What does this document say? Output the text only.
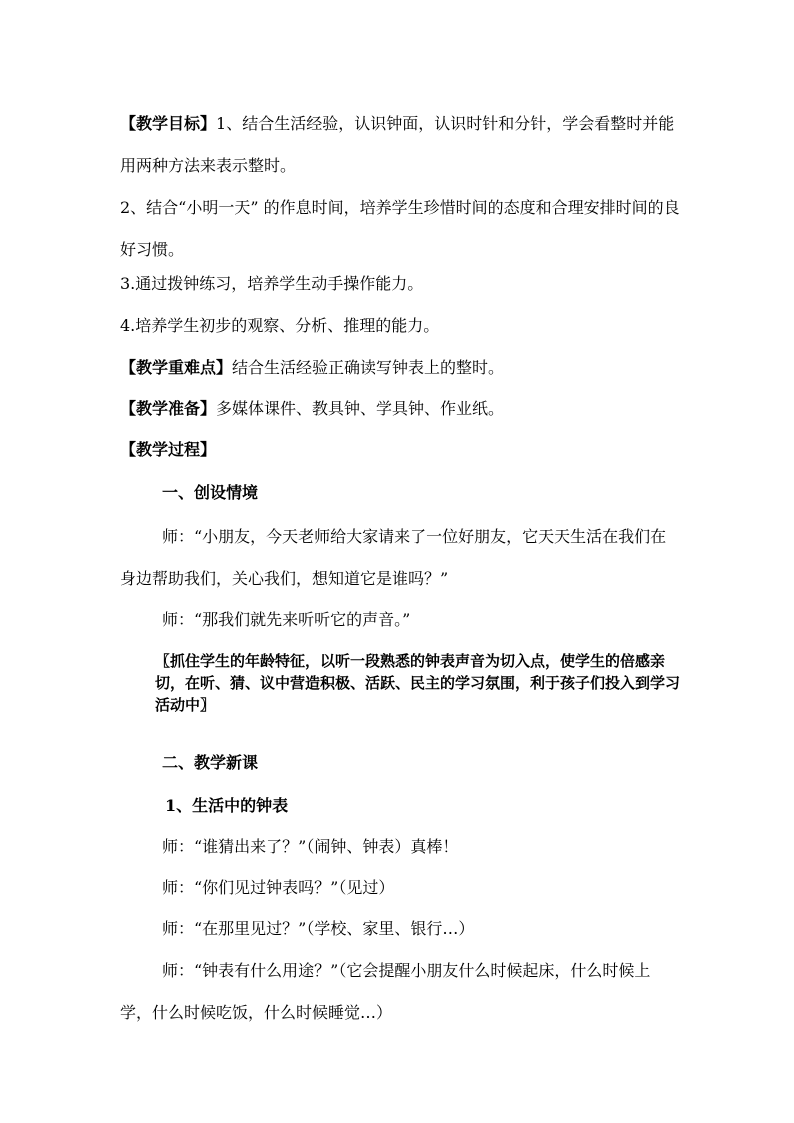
【教学目标】1、结合生活经验，认识钟面，认识时针和分针，学会看整时并能用两种方法来表示整时。
2、结合“小明一天” 的作息时间，培养学生珍惜时间的态度和合理安排时间的良好习惯。
3.通过拨钟练习，培养学生动手操作能力。
4.培养学生初步的观察、分析、推理的能力。
【教学重难点】结合生活经验正确读写钟表上的整时。
【教学准备】多媒体课件、教具钟、学具钟、作业纸。
【教学过程】
一、创设情境
师：“小朋友，今天老师给大家请来了一位好朋友，它天天生活在我们在身边帮助我们，关心我们，想知道它是谁吗？”
师：“那我们就先来听听它的声音。”
〖抓住学生的年龄特征，以听一段熟悉的钟表声音为切入点，使学生的倍感亲切，在听、猜、议中营造积极、活跃、民主的学习氛围，利于孩子们投入到学习活动中〗
二、教学新课
1、生活中的钟表
师：“谁猜出来了？”（闹钟、钟表）真棒！
师：“你们见过钟表吗？”（见过）
师：“在那里见过？”（学校、家里、银行…）
师：“钟表有什么用途？”（它会提醒小朋友什么时候起床，什么时候上学，什么时候吃饭，什么时候睡觉…）
